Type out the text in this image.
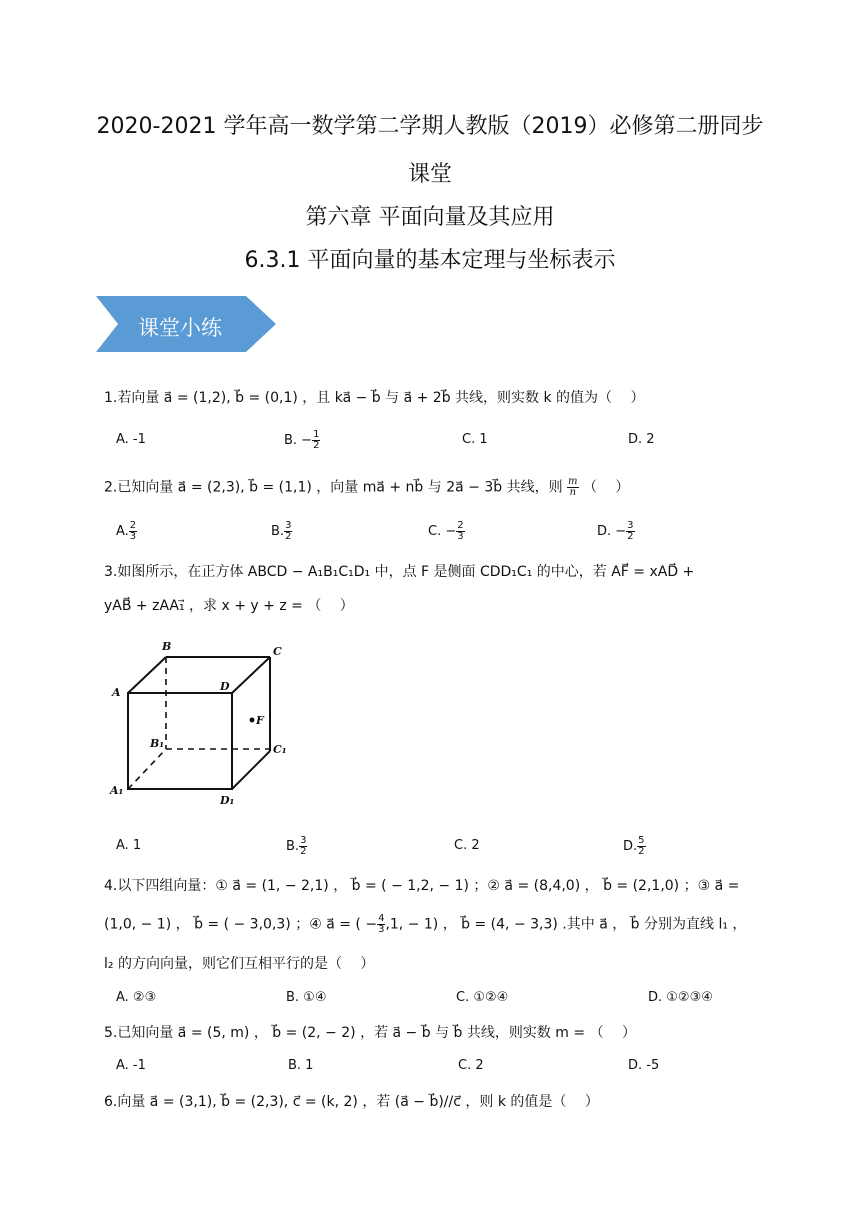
2020-2021 学年高一数学第二学期人教版（2019）必修第二册同步
课堂
第六章 平面向量及其应用
6.3.1 平面向量的基本定理与坐标表示
课堂小练
1.若向量 a⃗ = (1,2), b⃗ = (0,1) ，且 ka⃗ − b⃗ 与 a⃗ + 2b⃗ 共线，则实数 k 的值为（　 ）
A. -1	B. − $\frac{1}{2}$	C. 1	D. 2
2.已知向量 a⃗ = (2,3), b⃗ = (1,1) ，向量 ma⃗ + nb⃗ 与 2a⃗ − 3b⃗ 共线，则 $\frac{m}{n}$ （　 ）
A. $\frac{2}{3}$	B. $\frac{3}{2}$	C. − $\frac{2}{3}$	D. − $\frac{3}{2}$
3.如图所示，在正方体 ABCD − A₁B₁C₁D₁ 中，点 F 是侧面 CDD₁C₁ 的中心，若 AF⃗ = xAD⃗ +
yAB⃗ + zAA₁⃗ ，求 x + y + z = （　 ）
A
B	C
D
F
B₁	C₁
A₁
D₁
A. 1	B. $\frac{3}{2}$	C. 2	D. $\frac{5}{2}$
4.以下四组向量：① a⃗ = (1, − 2,1) ， b⃗ = ( − 1,2, − 1) ；② a⃗ = (8,4,0) ， b⃗ = (2,1,0) ；③ a⃗ =
(1,0, − 1) ， b⃗ = ( − 3,0,3) ；④ a⃗ = ( − $\frac{4}{3} ,1$, − 1) ， b⃗ = (4, − 3,3) .其中 a⃗ ， b⃗ 分别为直线 l₁ ，
l₂ 的方向向量，则它们互相平行的是（　 ）
A. ②③	B. ①④	C. ①②④	D. ①②③④
5.已知向量 a⃗ = (5, m) ， b⃗ = (2, − 2) ，若 a⃗ − b⃗ 与 b⃗ 共线，则实数 m = （　 ）
A. -1	B. 1	C. 2	D. -5
6.向量 a⃗ = (3,1), b⃗ = (2,3), c⃗ = (k, 2) ，若 (a⃗ − b⃗)//c⃗ ，则 k 的值是（　 ）
